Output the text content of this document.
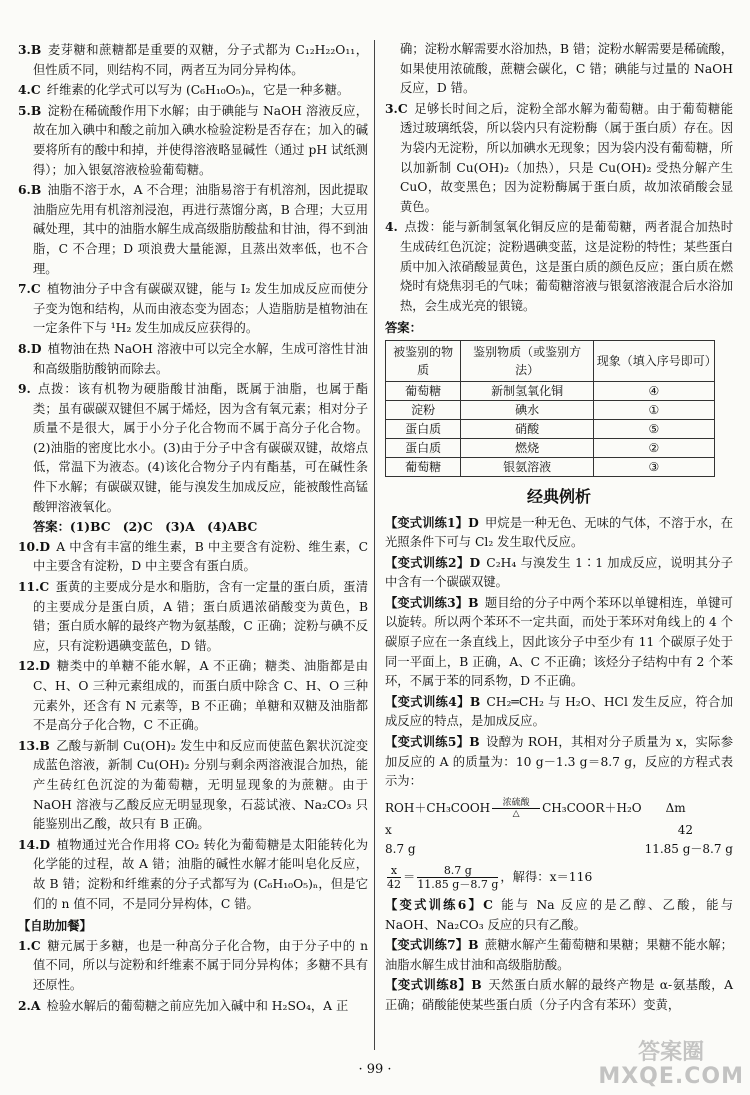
3.B  麦芽糖和蔗糖都是重要的双糖，分子式都为 C₁₂H₂₂O₁₁，但性质不同，则结构不同，两者互为同分异构体。

4.C  纤维素的化学式可以写为 (C₆H₁₀O₅)ₙ，它是一种多糖。

5.B  淀粉在稀硫酸作用下水解；由于碘能与 NaOH 溶液反应，故在加入碘中和酸之前加入碘水检验淀粉是否存在；加入的碱要将所有的酸中和掉，并使得溶液略显碱性（通过 pH 试纸测得）；加入银氨溶液检验葡萄糖。

6.B  油脂不溶于水，A 不合理；油脂易溶于有机溶剂，因此提取油脂应先用有机溶剂浸泡，再进行蒸馏分离，B 合理；大豆用碱处理，其中的油脂水解生成高级脂肪酸盐和甘油，得不到油脂，C 不合理；D 项浪费大量能源，且蒸出效率低，也不合理。

7.C  植物油分子中含有碳碳双键，能与 I₂ 发生加成反应而使分子变为饱和结构，从而由液态变为固态；人造脂肪是植物油在一定条件下与 ¹H₂ 发生加成反应获得的。

8.D  植物油在热 NaOH 溶液中可以完全水解，生成可溶性甘油和高级脂肪酸钠而除去。

9.  点拨：该有机物为硬脂酸甘油酯，既属于油脂，也属于酯类；虽有碳碳双键但不属于烯烃，因为含有氧元素；相对分子质量不是很大，属于小分子化合物而不属于高分子化合物。(2)油脂的密度比水小。(3)由于分子中含有碳碳双键，故熔点低，常温下为液态。(4)该化合物分子内有酯基，可在碱性条件下水解；有碳碳双键，能与溴发生加成反应，能被酸性高锰酸钾溶液氧化。

答案：(1)BC　(2)C　(3)A　(4)ABC

10.D  A 中含有丰富的维生素，B 中主要含有淀粉、维生素，C 中主要含有淀粉，D 中主要含有蛋白质。

11.C  蛋黄的主要成分是水和脂肪，含有一定量的蛋白质，蛋清的主要成分是蛋白质，A 错；蛋白质遇浓硝酸变为黄色，B 错；蛋白质水解的最终产物为氨基酸，C 正确；淀粉与碘不反应，只有淀粉遇碘变蓝色，D 错。

12.D  糖类中的单糖不能水解，A 不正确；糖类、油脂都是由 C、H、O 三种元素组成的，而蛋白质中除含 C、H、O 三种元素外，还含有 N 元素等，B 不正确；单糖和双糖及油脂都不是高分子化合物，C 不正确。

13.B  乙酸与新制 Cu(OH)₂ 发生中和反应而使蓝色絮状沉淀变成蓝色溶液，新制 Cu(OH)₂ 分别与剩余两溶液混合加热，能产生砖红色沉淀的为葡萄糖，无明显现象的为蔗糖。由于 NaOH 溶液与乙酸反应无明显现象，石蕊试液、Na₂CO₃ 只能鉴别出乙酸，故只有 B 正确。

14.D  植物通过光合作用将 CO₂ 转化为葡萄糖是太阳能转化为化学能的过程，故 A 错；油脂的碱性水解才能叫皂化反应，故 B 错；淀粉和纤维素的分子式都写为 (C₆H₁₀O₅)ₙ，但是它们的 n 值不同，不是同分异构体，C 错。

【自助加餐】

1.C  糖元属于多糖，也是一种高分子化合物，由于分子中的 n 值不同，所以与淀粉和纤维素不属于同分异构体；多糖不具有还原性。

2.A  检验水解后的葡萄糖之前应先加入碱中和 H₂SO₄，A 正

确；淀粉水解需要水浴加热，B 错；淀粉水解需要是稀硫酸，如果使用浓硫酸，蔗糖会碳化，C 错；碘能与过量的 NaOH 反应，D 错。

3.C  足够长时间之后，淀粉全部水解为葡萄糖。由于葡萄糖能透过玻璃纸袋，所以袋内只有淀粉酶（属于蛋白质）存在。因为袋内无淀粉，所以加碘水无现象；因为袋内没有葡萄糖，所以加新制 Cu(OH)₂（加热），只是 Cu(OH)₂ 受热分解产生 CuO，故变黑色；因为淀粉酶属于蛋白质，故加浓硝酸会显黄色。

4.  点拨：能与新制氢氧化铜反应的是葡萄糖，两者混合加热时生成砖红色沉淀；淀粉遇碘变蓝，这是淀粉的特性；某些蛋白质中加入浓硝酸显黄色，这是蛋白质的颜色反应；蛋白质在燃烧时有烧焦羽毛的气味；葡萄糖溶液与银氨溶液混合后水浴加热，会生成光亮的银镜。

答案：

被鉴别的物质	鉴别物质（或鉴别方法）	现象（填入序号即可）
葡萄糖	新制氢氧化铜	④
淀粉	碘水	①
蛋白质	硝酸	⑤
蛋白质	燃烧	②
葡萄糖	银氨溶液	③
经典例析

【变式训练1】D  甲烷是一种无色、无味的气体，不溶于水，在光照条件下可与 Cl₂ 发生取代反应。

【变式训练2】D  C₂H₄ 与溴发生 1∶1 加成反应，说明其分子中含有一个碳碳双键。

【变式训练3】B  题目给的分子中两个苯环以单键相连，单键可以旋转。所以两个苯环不一定共面，而处于苯环对角线上的 4 个碳原子应在一条直线上，因此该分子中至少有 11 个碳原子处于同一平面上，B 正确，A、C 不正确；该烃分子结构中有 2 个苯环，不属于苯的同系物，D 不正确。

【变式训练4】B  CH₂═CH₂ 与 H₂O、HCl 发生反应，符合加成反应的特点，是加成反应。

【变式训练5】B  设醇为 ROH，其相对分子质量为 x，实际参加反应的 A 的质量为：10 g－1.3 g＝8.7 g，反应的方程式表示为：

ROH＋CH₃COOH 浓硫酸
△ CH₃COOR＋H₂O Δm
x	42
8.7 g	11.85 g－8.7 g
$\frac{x}{42} = \frac{8.7 g}{11.85 g-8.7 g}$ ，解得：x＝116

【变式训练6】C  能与 Na 反应的是乙醇、乙酸，能与 NaOH、Na₂CO₃ 反应的只有乙酸。

【变式训练7】B  蔗糖水解产生葡萄糖和果糖；果糖不能水解；油脂水解生成甘油和高级脂肪酸。

【变式训练8】B  天然蛋白质水解的最终产物是 α-氨基酸，A 正确；硝酸能使某些蛋白质（分子内含有苯环）变黄，

· 99 ·
答案圈
MXQE.COM
